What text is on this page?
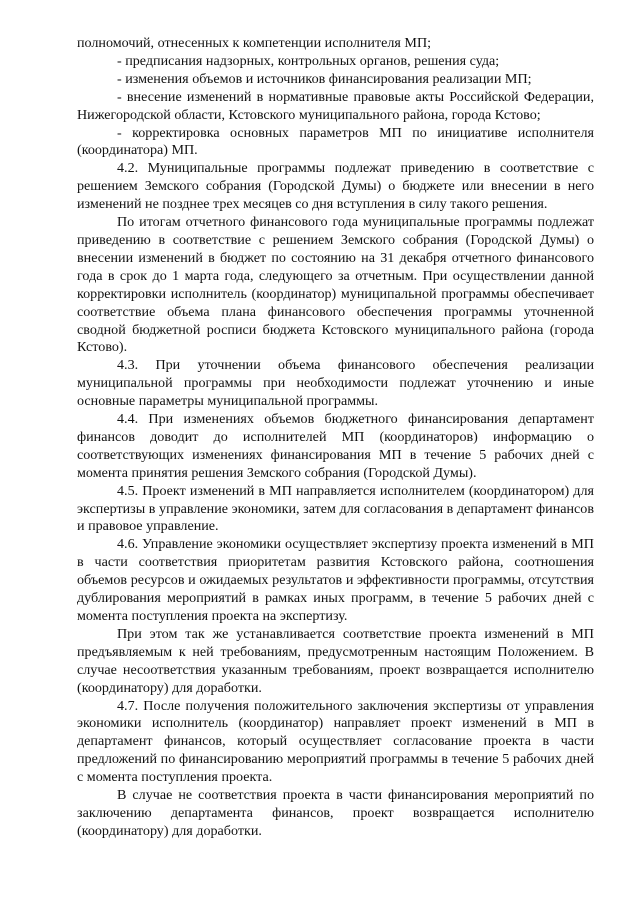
полномочий, отнесенных к компетенции исполнителя МП;

- предписания надзорных, контрольных органов, решения суда;

- изменения объемов и источников финансирования реализации МП;

- внесение изменений в нормативные правовые акты Российской Федерации, Нижегородской области, Кстовского муниципального района, города Кстово;

- корректировка основных параметров МП по инициативе исполнителя (координатора) МП.

4.2. Муниципальные программы подлежат приведению в соответствие с решением Земского собрания (Городской Думы) о бюджете или внесении в него изменений не позднее трех месяцев со дня вступления в силу такого решения.

По итогам отчетного финансового года муниципальные программы подлежат приведению в соответствие с решением Земского собрания (Городской Думы) о внесении изменений в бюджет по состоянию на 31 декабря отчетного финансового года в срок до 1 марта года, следующего за отчетным. При осуществлении данной корректировки исполнитель (координатор) муниципальной программы обеспечивает соответствие объема плана финансового обеспечения программы уточненной сводной бюджетной росписи бюджета Кстовского муниципального района (города Кстово).

4.3. При уточнении объема финансового обеспечения реализации муниципальной программы при необходимости подлежат уточнению и иные основные параметры муниципальной программы.

4.4. При изменениях объемов бюджетного финансирования департамент финансов доводит до исполнителей МП (координаторов) информацию о соответствующих изменениях финансирования МП в течение 5 рабочих дней с момента принятия решения Земского собрания (Городской Думы).

4.5. Проект изменений в МП направляется исполнителем (координатором) для экспертизы в управление экономики, затем для согласования в департамент финансов и правовое управление.

4.6. Управление экономики осуществляет экспертизу проекта изменений в МП в части соответствия приоритетам развития Кстовского района, соотношения объемов ресурсов и ожидаемых результатов и эффективности программы, отсутствия дублирования мероприятий в рамках иных программ, в течение 5 рабочих дней с момента поступления проекта на экспертизу.

При этом так же устанавливается соответствие проекта изменений в МП предъявляемым к ней требованиям, предусмотренным настоящим Положением. В случае несоответствия указанным требованиям, проект возвращается исполнителю (координатору) для доработки.

4.7. После получения положительного заключения экспертизы от управления экономики исполнитель (координатор) направляет проект изменений в МП в департамент финансов, который осуществляет согласование проекта в части предложений по финансированию мероприятий программы в течение 5 рабочих дней с момента поступления проекта.

В случае не соответствия проекта в части финансирования мероприятий по заключению департамента финансов, проект возвращается исполнителю (координатору) для доработки.
